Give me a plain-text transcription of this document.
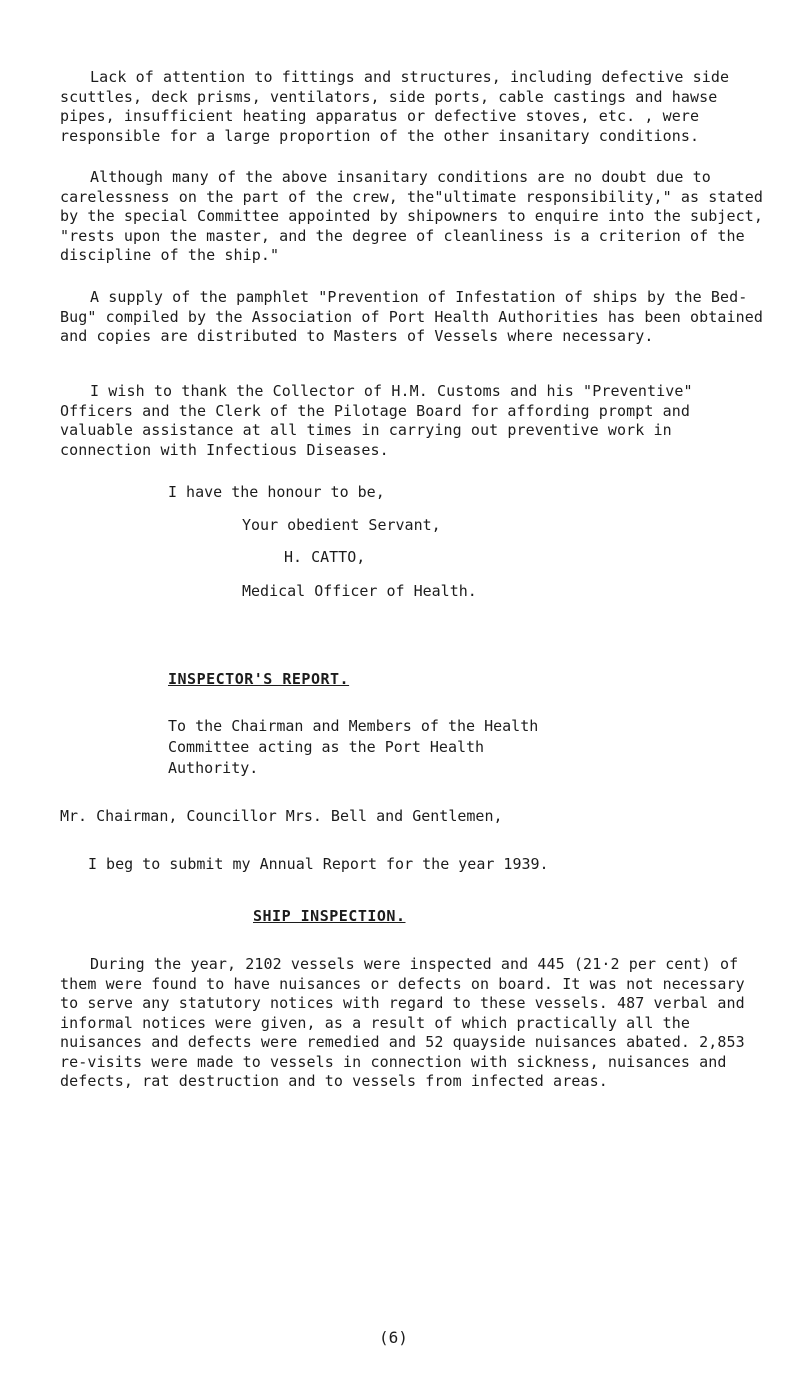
Lack of attention to fittings and structures, including defective side scuttles, deck prisms, ventilators, side ports, cable castings and hawse pipes, insufficient heating apparatus or defective stoves, etc. , were responsible for a large proportion of the other insanitary conditions.

Although many of the above insanitary conditions are no doubt due to carelessness on the part of the crew, the"ultimate responsibility," as stated by the special Committee appointed by shipowners to enquire into the subject, "rests upon the master, and the degree of cleanliness is a criterion of the discipline of the ship."

A supply of the pamphlet "Prevention of Infestation of ships by the Bed-Bug" compiled by the Association of Port Health Authorities has been obtained and copies are distributed to Masters of Vessels where necessary.

I wish to thank the Collector of H.M. Customs and his "Preventive" Officers and the Clerk of the Pilotage Board for affording prompt and valuable assistance at all times in carrying out preventive work in connection with Infectious Diseases.

I have the honour to be,

Your obedient Servant,

H. CATTO,

Medical Officer of Health.

INSPECTOR'S REPORT.

To the Chairman and Members of the Health

Committee acting as the Port Health

Authority.

Mr. Chairman, Councillor Mrs. Bell and Gentlemen,

I beg to submit my Annual Report for the year 1939.

SHIP INSPECTION.

During the year, 2102 vessels were inspected and 445 (21·2 per cent) of them were found to have nuisances or defects on board. It was not necessary to serve any statutory notices with regard to these vessels. 487 verbal and informal notices were given, as a result of which practically all the nuisances and defects were remedied and 52 quayside nuisances abated. 2,853 re-visits were made to vessels in connection with sickness, nuisances and defects, rat destruction and to vessels from infected areas.

(6)
